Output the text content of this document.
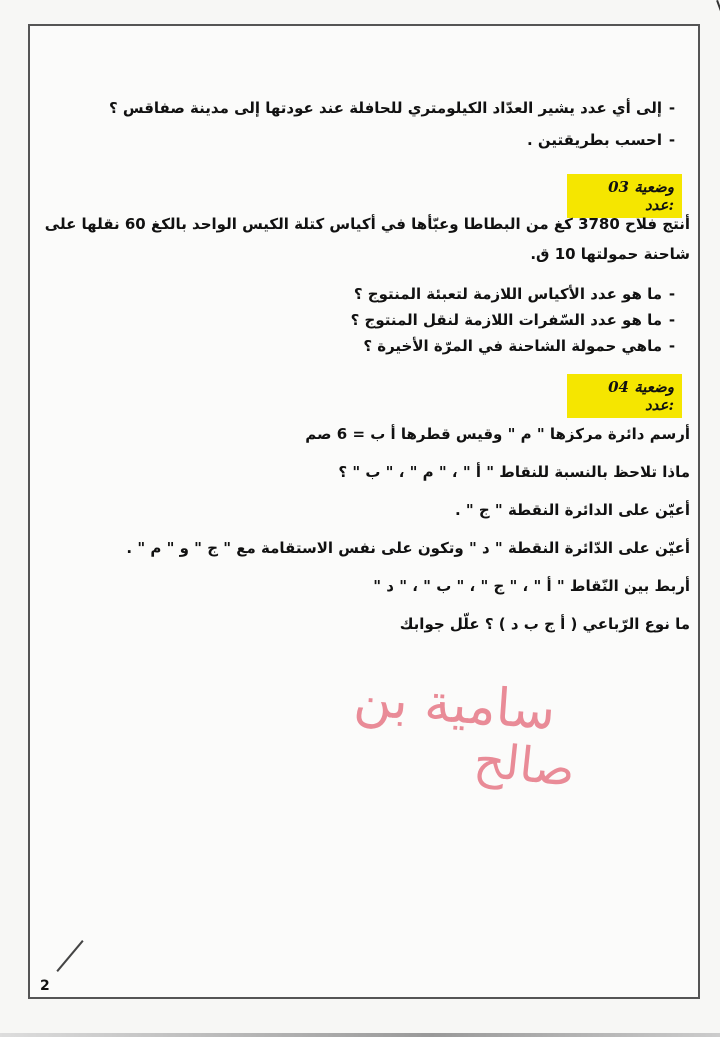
- إلى أي عدد يشير العدّاد الكيلومتري للحافلة عند عودتها إلى مدينة صفاقس ؟
- احسب بطريقتين .
وضعية 03 :عدد
أنتج فلاح 3780 كغ من البطاطا وعبّأها في أكياس كتلة الكيس الواحد بالكغ 60 نقلها على
شاحنة حمولتها 10 ق.
- ما هو عدد الأكياس اللازمة لتعبئة المنتوج ؟
- ما هو عدد السّفرات اللازمة لنقل المنتوج ؟
- ماهي حمولة الشاحنة في المرّة الأخيرة ؟
وضعية 04 :عدد
أرسم دائرة مركزها " م " وقيس قطرها أ ب = 6 صم
ماذا تلاحظ بالنسبة للنقاط " أ " ، " م " ، " ب " ؟
أعيّن على الدائرة النقطة " ج " .
أعيّن على الدّائرة النقطة " د " وتكون على نفس الاستقامة مع " ج " و " م " .
أربط بين النّقاط " أ " ، " ج " ، " ب " ، " د "
ما نوع الرّباعي ( أ ج ب د ) ؟ علّل جوابك
سامية بن
صالح
2
